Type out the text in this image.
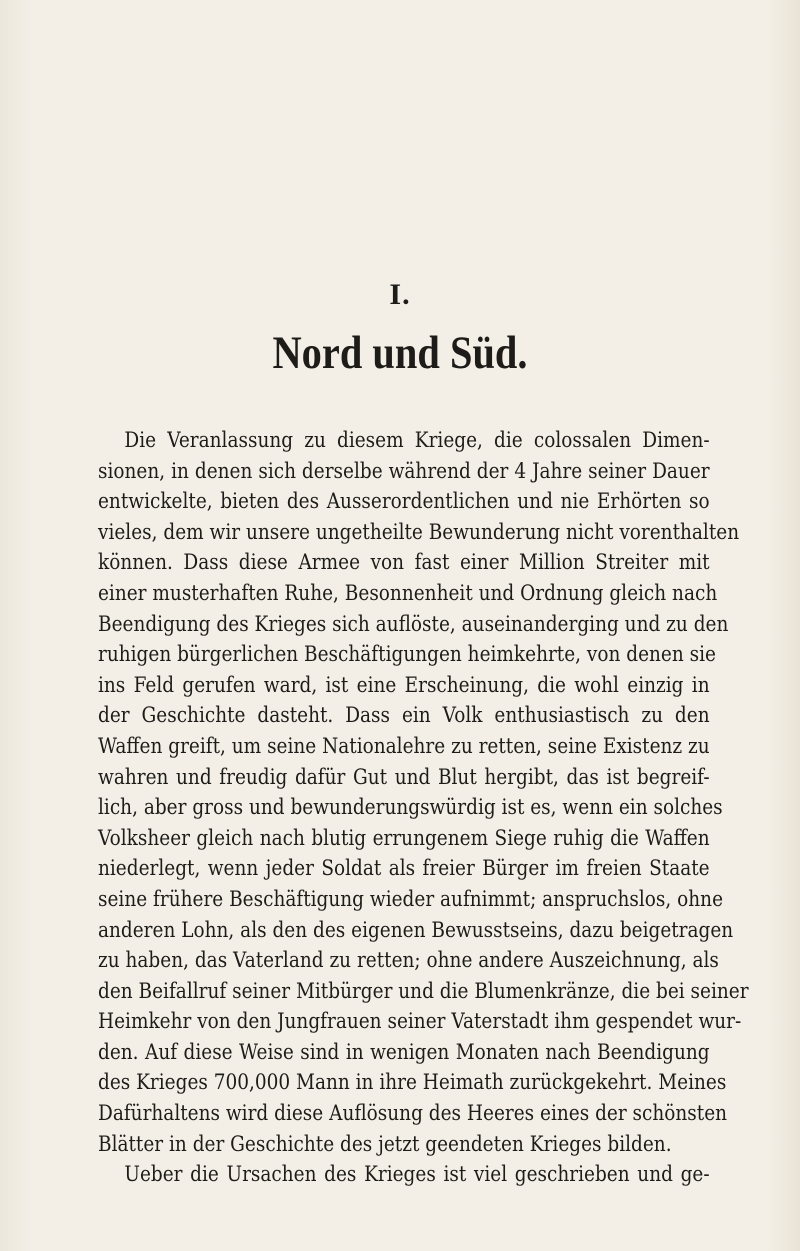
I.
Nord und Süd.
Die Veranlassung zu diesem Kriege, die colossalen Dimen-
sionen, in denen sich derselbe während der 4 Jahre seiner Dauer
entwickelte, bieten des Ausserordentlichen und nie Erhörten so
vieles, dem wir unsere ungetheilte Bewunderung nicht vorenthalten
können. Dass diese Armee von fast einer Million Streiter mit
einer musterhaften Ruhe, Besonnenheit und Ordnung gleich nach
Beendigung des Krieges sich auflöste, auseinanderging und zu den
ruhigen bürgerlichen Beschäftigungen heimkehrte, von denen sie
ins Feld gerufen ward, ist eine Erscheinung, die wohl einzig in
der Geschichte dasteht. Dass ein Volk enthusiastisch zu den
Waffen greift, um seine Nationalehre zu retten, seine Existenz zu
wahren und freudig dafür Gut und Blut hergibt, das ist begreif-
lich, aber gross und bewunderungswürdig ist es, wenn ein solches
Volksheer gleich nach blutig errungenem Siege ruhig die Waffen
niederlegt, wenn jeder Soldat als freier Bürger im freien Staate
seine frühere Beschäftigung wieder aufnimmt; anspruchslos, ohne
anderen Lohn, als den des eigenen Bewusstseins, dazu beigetragen
zu haben, das Vaterland zu retten; ohne andere Auszeichnung, als
den Beifallruf seiner Mitbürger und die Blumenkränze, die bei seiner
Heimkehr von den Jungfrauen seiner Vaterstadt ihm gespendet wur-
den. Auf diese Weise sind in wenigen Monaten nach Beendigung
des Krieges 700,000 Mann in ihre Heimath zurückgekehrt. Meines
Dafürhaltens wird diese Auflösung des Heeres eines der schönsten
Blätter in der Geschichte des jetzt geendeten Krieges bilden.
Ueber die Ursachen des Krieges ist viel geschrieben und ge-
